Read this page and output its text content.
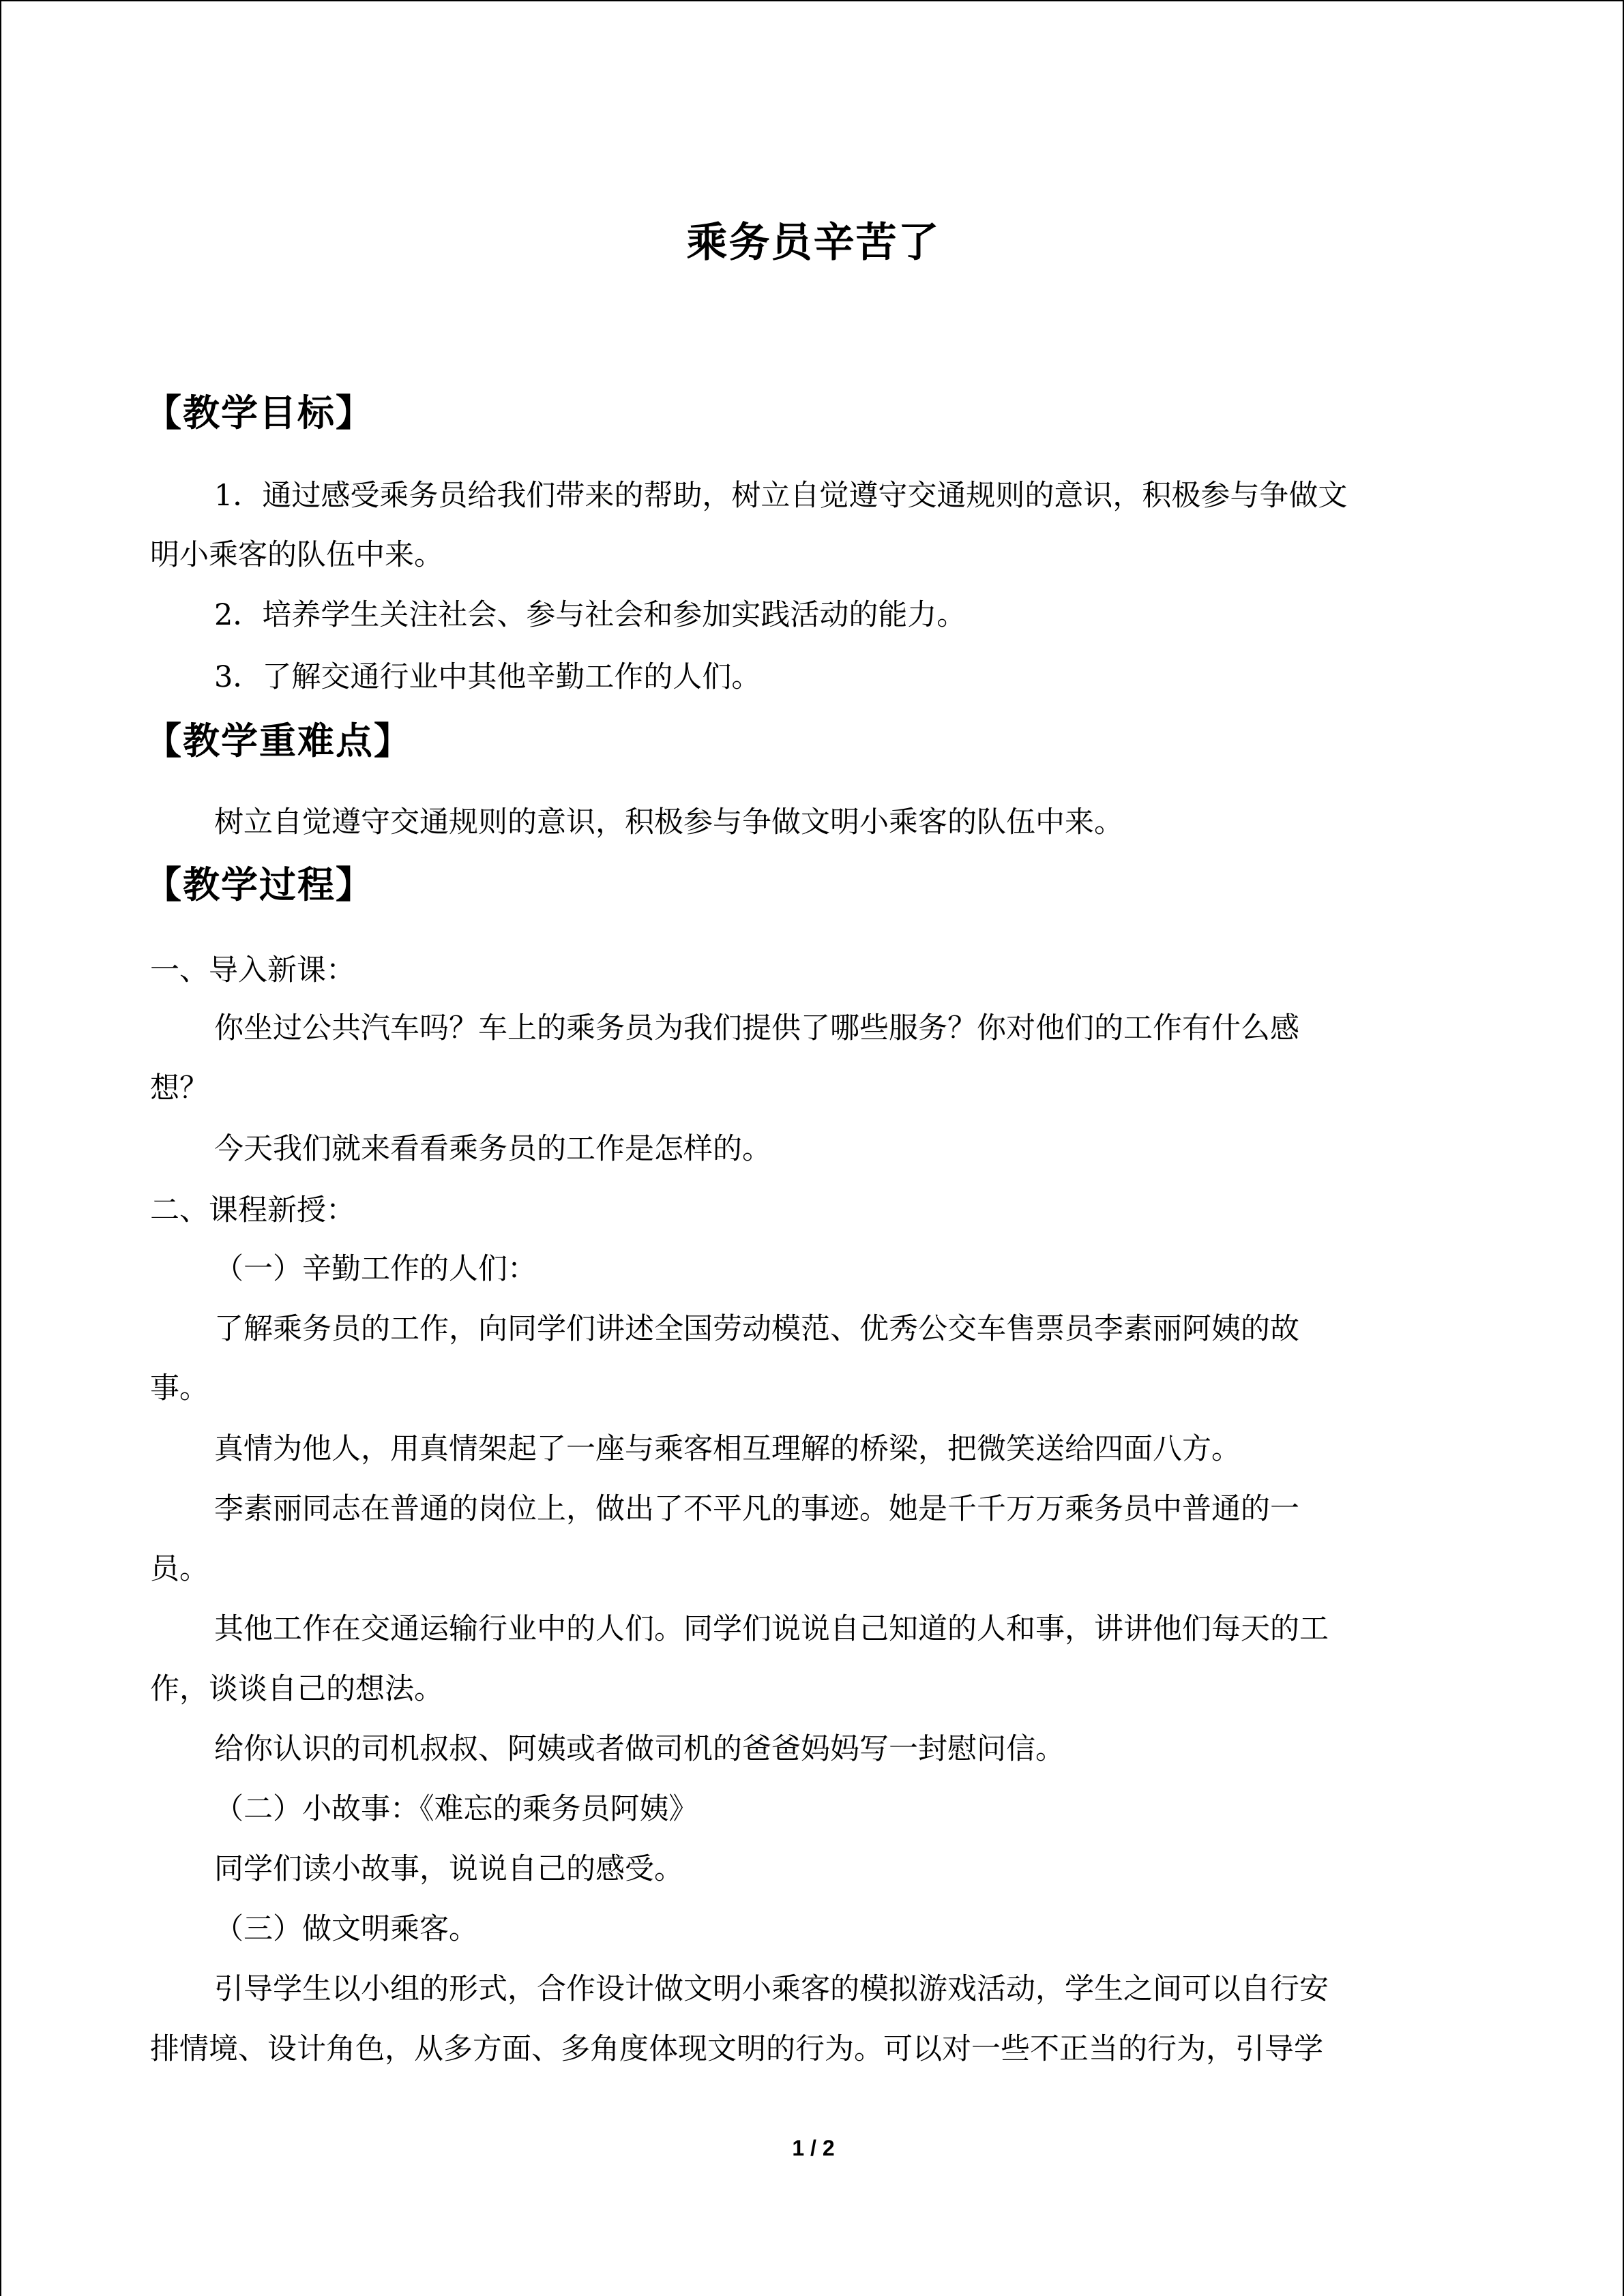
乘务员辛苦了
【教学目标】
1．通过感受乘务员给我们带来的帮助，树立自觉遵守交通规则的意识，积极参与争做文
明小乘客的队伍中来。
2．培养学生关注社会、参与社会和参加实践活动的能力。
3．了解交通行业中其他辛勤工作的人们。
【教学重难点】
树立自觉遵守交通规则的意识，积极参与争做文明小乘客的队伍中来。
【教学过程】
一、导入新课：
你坐过公共汽车吗？车上的乘务员为我们提供了哪些服务？你对他们的工作有什么感
想？
今天我们就来看看乘务员的工作是怎样的。
二、课程新授：
（一）辛勤工作的人们：
了解乘务员的工作，向同学们讲述全国劳动模范、优秀公交车售票员李素丽阿姨的故
事。
真情为他人，用真情架起了一座与乘客相互理解的桥梁，把微笑送给四面八方。
李素丽同志在普通的岗位上，做出了不平凡的事迹。她是千千万万乘务员中普通的一
员。
其他工作在交通运输行业中的人们。同学们说说自己知道的人和事，讲讲他们每天的工
作，谈谈自己的想法。
给你认识的司机叔叔、阿姨或者做司机的爸爸妈妈写一封慰问信。
（二）小故事：《难忘的乘务员阿姨》
同学们读小故事，说说自己的感受。
（三）做文明乘客。
引导学生以小组的形式，合作设计做文明小乘客的模拟游戏活动，学生之间可以自行安
排情境、设计角色，从多方面、多角度体现文明的行为。可以对一些不正当的行为，引导学
1 / 2
